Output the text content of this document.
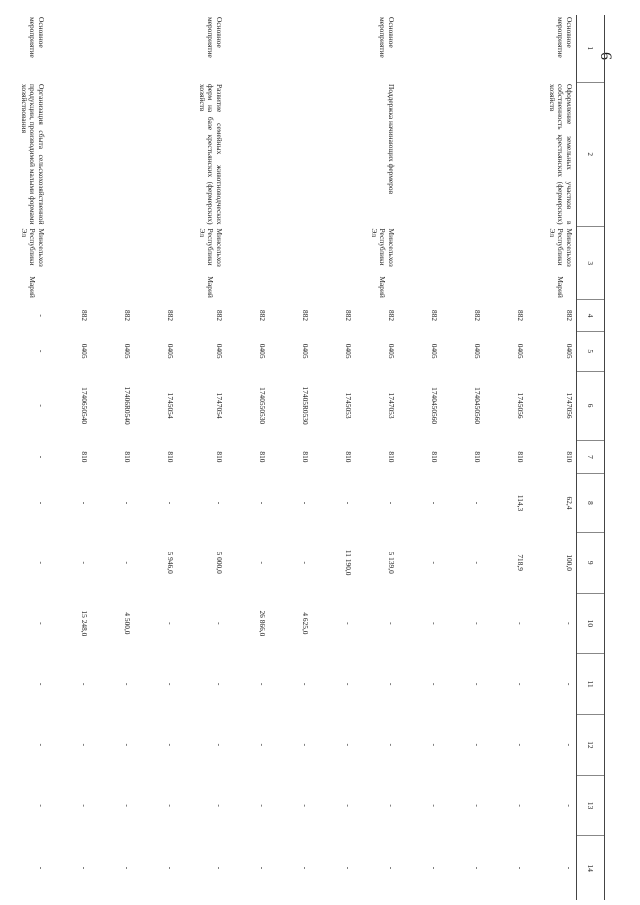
6
1	2	3	4	5	6	7	8	9	10	11	12	13	14
Основное мероприятие	Оформление земельных участков в собственность крестьянских (фермерских) хозяйств	Минсельхоз Республики Марий Эл	882	0405	1747056	810	62,4	100,0	-	-	-	-	-
			882	0405	1745056	810	114,3	718,9	-	-	-	-	-
			882	0405	1740450560	810	-	-	-	-	-	-	-
			882	0405	1740450560	810	-	-	-	-	-	-	-
Основное мероприятие	Поддержка начинающих фермеров	Минсельхоз Республики Марий Эл	882	0405	1747053	810	-	5 139,0	-	-	-	-	-
			882	0405	1745053	810	-	11 190,0	-	-	-	-	-
			882	0405	17405R0530	810	-	-	4 625,0	-	-	-	-
			882	0405	1740550530	810	-	-	26 866,0	-	-	-	-
Основное мероприятие	Развитие семейных животноводческих ферм на базе крестьянских (фермерских) хозяйств	Минсельхоз Республики Марий Эл	882	0405	1747054	810	-	5 000,0	-	-	-	-	-
			882	0405	1745054	810	-	5 946,0	-	-	-	-	-
			882	0405	17406R0540	810	-	-	4 500,0	-	-	-	-
			882	0405	1740650540	810	-	-	15 248,0	-	-	-	-
Основное мероприятие	Организация сбыта сельскохозяйственной продукции, производимой малыми формами хозяйствования	Минсельхоз Республики Марий Эл	-	-	-	-	-	-	-	-	-	-	-
